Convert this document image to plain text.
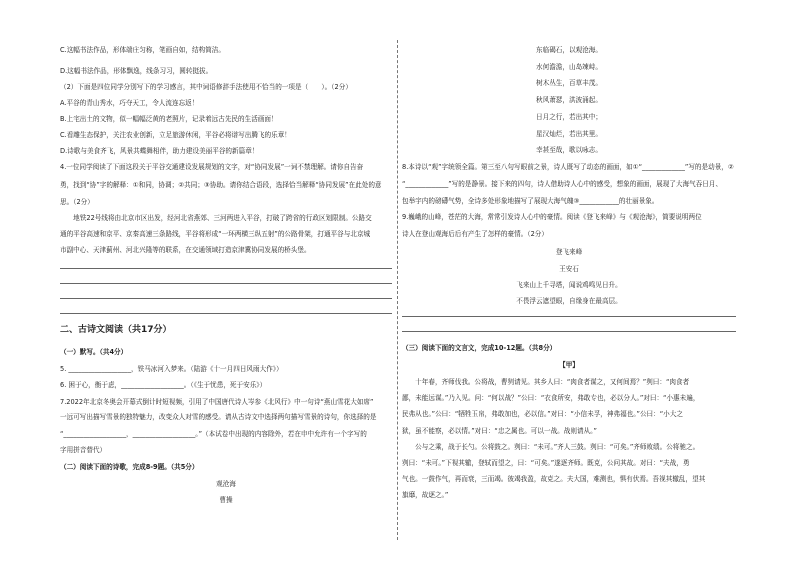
C.这幅书法作品，形体端庄匀称，笔画自如，结构简洁。
D.这幅书法作品，形体飘逸，线条习习，圆转挺拔。
（2）下面是四位同学分别写下的学习感言，其中词语修辞手法使用不恰当的一项是（　　）。（2分）
A.平谷的青山秀水，巧夺天工，令人流连忘返！
B.上宅出土的文物，似一幅幅泛黄的老照片，记录着远古先民的生活画面！
C.看雕生态保护，关注农业创新，立足旅游休闲，平谷必将谱写出腾飞的乐章！
D.诗歌与美食齐飞，风景共蝶舞相伴，助力建设美丽平谷的新篇章！
4.一位同学阅读了下面这段关于平谷交通建设发展规划的文字，对“协同发展”一词不禁理解。请你自告奋
勇，找到“协”字的解释：①和同，协调；②共同；③协助。请你结合语段，选择恰当解释“协同发展”在此处的意
思。（2分）
　　地铁22号线将由北京市区出发，经河北省燕郊、三河两进入平谷，打破了跨省的行政区划限制。公路交
通的平谷高速和京平、京秦高速三条路线，平谷将形成“一环两横三纵五射”的公路骨架，打通平谷与北京城
市副中心、天津蓟州、河北兴隆等的联系，在交通领域打造京津冀协同发展的桥头堡。
二、古诗文阅读（共17分）
（一）默写。（共4分）
5. ___________________，铁马冰河入梦来。（陆游《十一月四日风雨大作》）
6. 困于心，衡于虑，___________________。（《生于忧患，死于安乐》）
7.2022年北京冬奥会开幕式倒计时短视频，引用了中国唐代诗人岑参《北风行》中一句诗“燕山雪花大如席”
一远可写出描写雪景的独特魅力，改变众人对雪的感受。请从古诗文中选择两句描写雪景的诗句，你选择的是
“___________________，___________________。”（本试卷中出现的内容除外，若在申中允许有一个字写的
字用拼音替代）
（二）阅读下面的诗歌，完成8-9题。（共5分）
观沧海
曹操
东临碣石，以观沧海。
水何澹澹，山岛竦峙。
树木丛生，百草丰茂。
秋风萧瑟，洪波涌起。
日月之行，若出其中；
星汉灿烂，若出其里。
幸甚至哉，歌以咏志。
8.本诗以“观”字统领全篇。第三至八句写眼前之景，诗人既写了动态的画面，如①“_____________”写的是动景，②
“_____________”写的是静景。接下来的四句，诗人借助诗人心中的感受，想象的画面，展现了大海气吞日月、
包举宇内的磅礴气势，全诗多处形象地描写了展现大海气魄③____________的壮丽景象。
9.巍峨的山峰，苍茫的大海，常常引发诗人心中的豪情。阅读《登飞来峰》与《观沧海》，简要说明两位
诗人在登山观海后后有产生了怎样的豪情。（2分）
登飞来峰
王安石
飞来山上千寻塔，闻说鸡鸣见日升。
不畏浮云遮望眼，自缘身在最高层。
（三）阅读下面的文言文，完成10-12题。（共8分）
【甲】
　　十年春，齐师伐我。公将战，曹刿请见。其乡人曰：“肉食者谋之，又何间焉？”刿曰：“肉食者
鄙，未能远谋。”乃入见。问：“何以战？”公曰：“衣食所安，弗敢专也，必以分人。”对曰：“小惠未遍，
民弗从也。”公曰：“牺牲玉帛，弗敢加也，必以信。”对曰：“小信未孚，神弗福也。”公曰：“小大之
狱，虽不能察，必以情。”对曰：“忠之属也。可以一战。战则请从。”
　　公与之乘，战于长勺。公将鼓之。刿曰：“未可。”齐人三鼓。刿曰：“可矣。”齐师败绩。公将驰之。
刿曰：“未可。”下视其辙，登轼而望之，曰：“可矣。”遂逐齐师。既克，公问其故。对曰：“夫战，勇
气也。一鼓作气，再而衰，三而竭。彼竭我盈，故克之。夫大国，难测也，惧有伏焉。吾视其辙乱，望其
旗靡，故逐之。”
